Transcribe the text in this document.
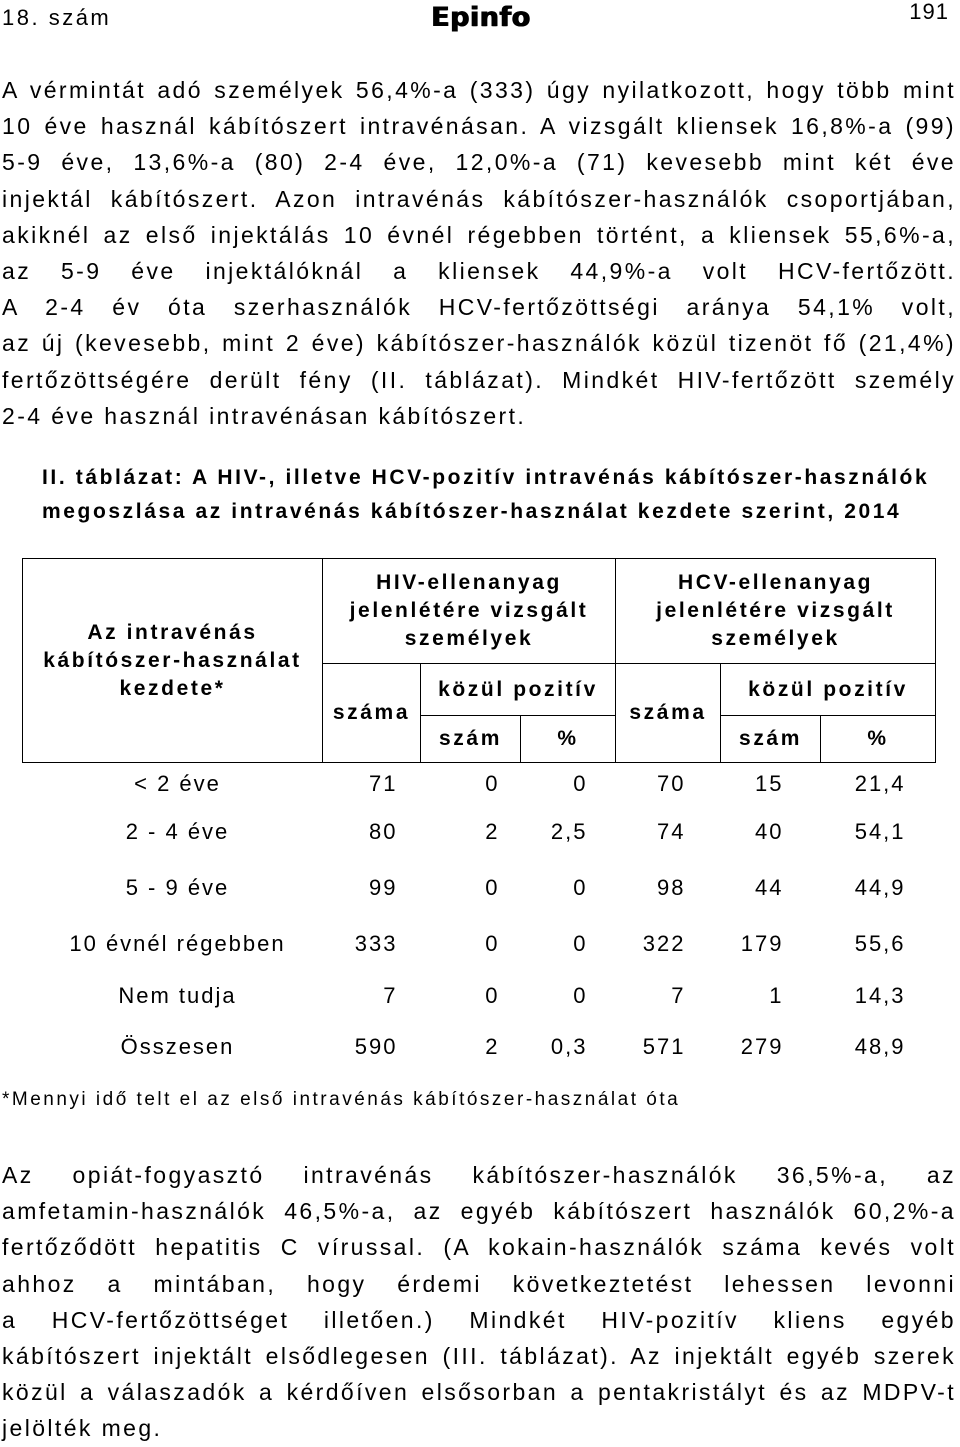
18. szám	Epinfo	191
A vérmintát adó személyek 56,4%-a (333) úgy nyilatkozott, hogy több mint
10 éve használ kábítószert intravénásan. A vizsgált kliensek 16,8%-a (99)
5-9 éve, 13,6%-a (80) 2-4 éve, 12,0%-a (71) kevesebb mint két éve
injektál kábítószert. Azon intravénás kábítószer-használók csoportjában,
akiknél az első injektálás 10 évnél régebben történt, a kliensek 55,6%-a,
az 5-9 éve injektálóknál a kliensek 44,9%-a volt HCV-fertőzött.
A 2-4 év óta szerhasználók HCV-fertőzöttségi aránya 54,1% volt,
az új (kevesebb, mint 2 éve) kábítószer-használók közül tizenöt fő (21,4%)
fertőzöttségére derült fény (II. táblázat). Mindkét HIV-fertőzött személy
2-4 éve használ intravénásan kábítószert.
II. táblázat: A HIV-, illetve HCV-pozitív intravénás kábítószer-használók
megoszlása az intravénás kábítószer-használat kezdete szerint, 2014
Az intravénás
kábítószer-használat
kezdete*	HIV-ellenanyag
jelenlétére vizsgált
személyek			HCV-ellenanyag
jelenlétére vizsgált
személyek		

	száma	közül pozitív		száma	közül pozitív	
		szám	%		szám	%
< 2 éve	71	0	0	70	15	21,4
2 - 4 éve	80	2	2,5	74	40	54,1
5 - 9 éve	99	0	0	98	44	44,9
10 évnél régebben	333	0	0	322	179	55,6
Nem tudja	7	0	0	7	1	14,3
Összesen	590	2	0,3	571	279	48,9
*Mennyi idő telt el az első intravénás kábítószer-használat óta
Az opiát-fogyasztó intravénás kábítószer-használók 36,5%-a, az
amfetamin-használók 46,5%-a, az egyéb kábítószert használók 60,2%-a
fertőződött hepatitis C vírussal. (A kokain-használók száma kevés volt
ahhoz a mintában, hogy érdemi következtetést lehessen levonni
a HCV-fertőzöttséget illetően.) Mindkét HIV-pozitív kliens egyéb
kábítószert injektált elsődlegesen (III. táblázat). Az injektált egyéb szerek
közül a válaszadók a kérdőíven elsősorban a pentakristályt és az MDPV-t
jelölték meg.
